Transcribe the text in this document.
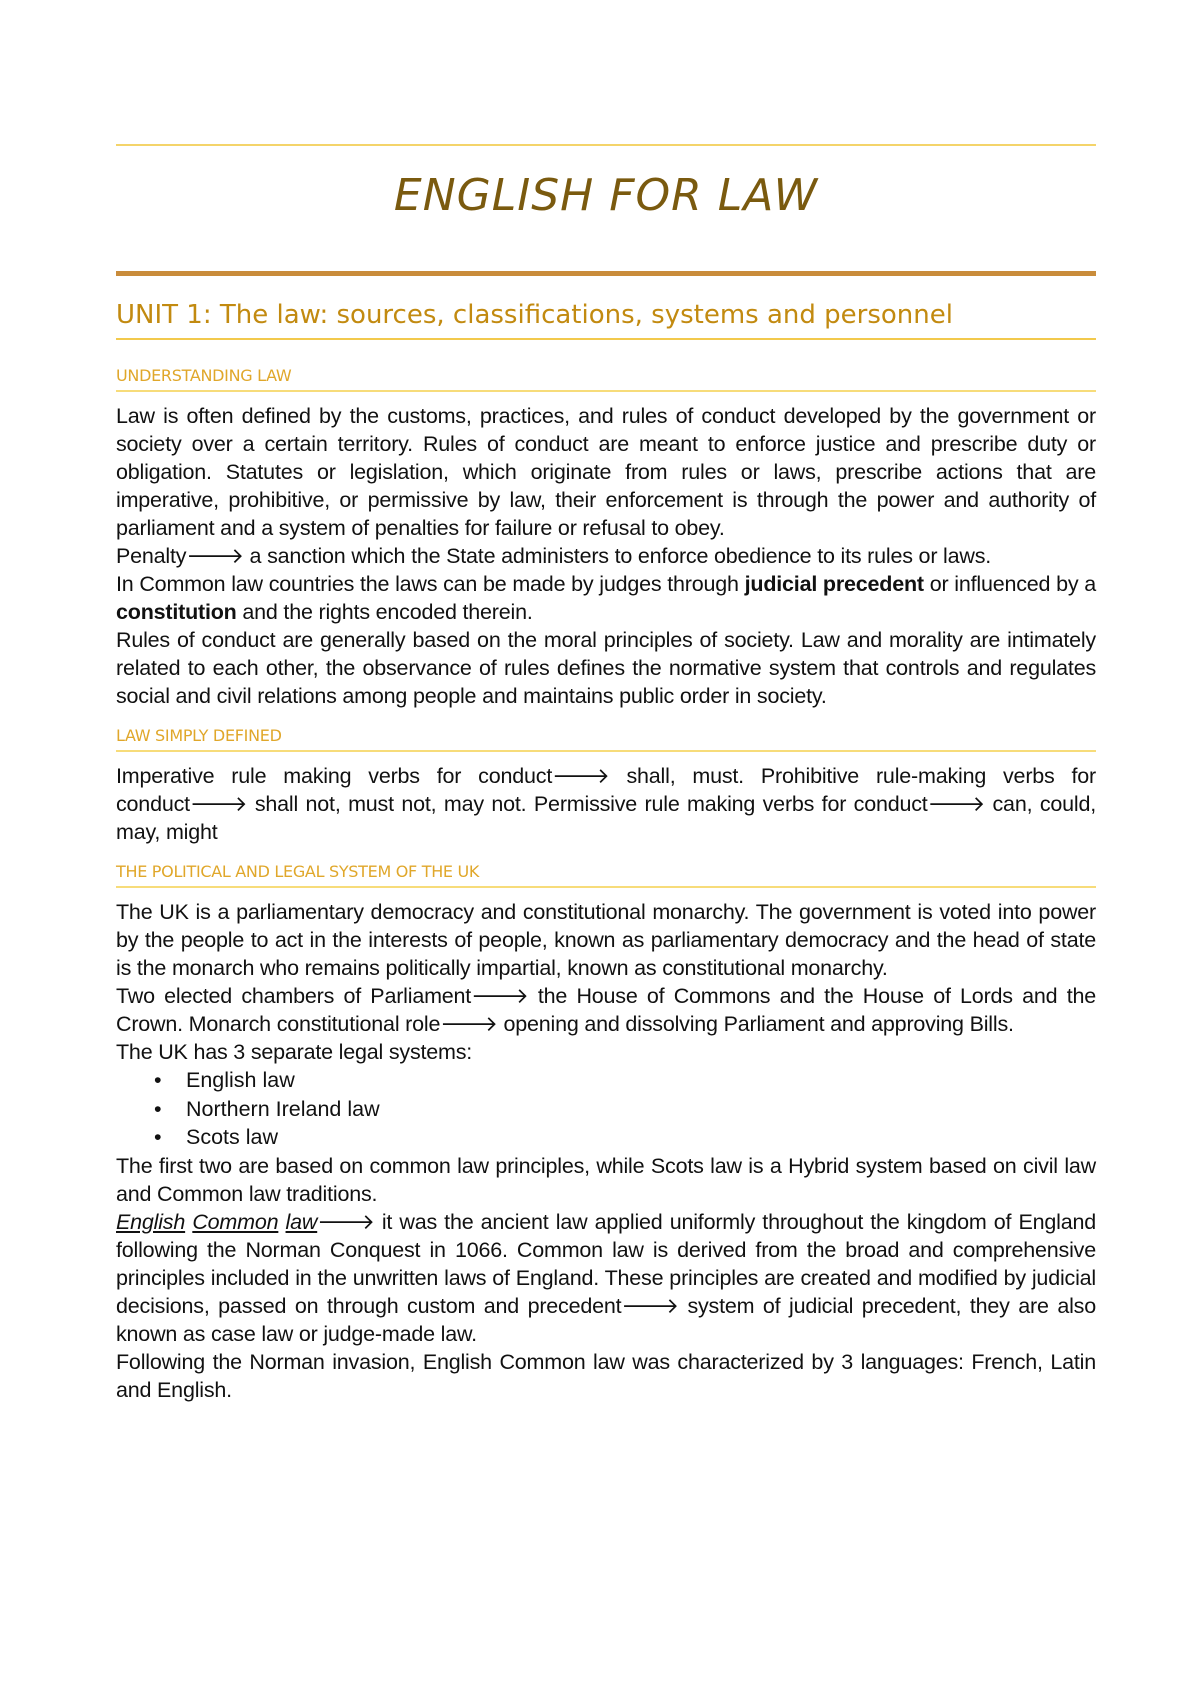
ENGLISH FOR LAW
UNIT 1: The law: sources, classifications, systems and personnel
UNDERSTANDING LAW

Law is often defined by the customs, practices, and rules of conduct developed by the government or society over a certain territory. Rules of conduct are meant to enforce justice and prescribe duty or obligation. Statutes or legislation, which originate from rules or laws, prescribe actions that are imperative, prohibitive, or permissive by law, their enforcement is through the power and authority of parliament and a system of penalties for failure or refusal to obey.

Penalty🡒 a sanction which the State administers to enforce obedience to its rules or laws.

In Common law countries the laws can be made by judges through judicial precedent or influenced by a constitution and the rights encoded therein.

Rules of conduct are generally based on the moral principles of society. Law and morality are intimately related to each other, the observance of rules defines the normative system that controls and regulates social and civil relations among people and maintains public order in society.

LAW SIMPLY DEFINED

Imperative rule making verbs for conduct🡒 shall, must. Prohibitive rule-making verbs for conduct🡒 shall not, must not, may not. Permissive rule making verbs for conduct🡒 can, could, may, might

THE POLITICAL AND LEGAL SYSTEM OF THE UK

The UK is a parliamentary democracy and constitutional monarchy. The government is voted into power by the people to act in the interests of people, known as parliamentary democracy and the head of state is the monarch who remains politically impartial, known as constitutional monarchy.

Two elected chambers of Parliament🡒 the House of Commons and the House of Lords and the Crown. Monarch constitutional role🡒 opening and dissolving Parliament and approving Bills.

The UK has 3 separate legal systems:

• English law
• Northern Ireland law
• Scots law

The first two are based on common law principles, while Scots law is a Hybrid system based on civil law and Common law traditions.

English Common law🡒 it was the ancient law applied uniformly throughout the kingdom of England following the Norman Conquest in 1066. Common law is derived from the broad and comprehensive principles included in the unwritten laws of England. These principles are created and modified by judicial decisions, passed on through custom and precedent🡒 system of judicial precedent, they are also known as case law or judge-made law.

Following the Norman invasion, English Common law was characterized by 3 languages: French, Latin and English.
